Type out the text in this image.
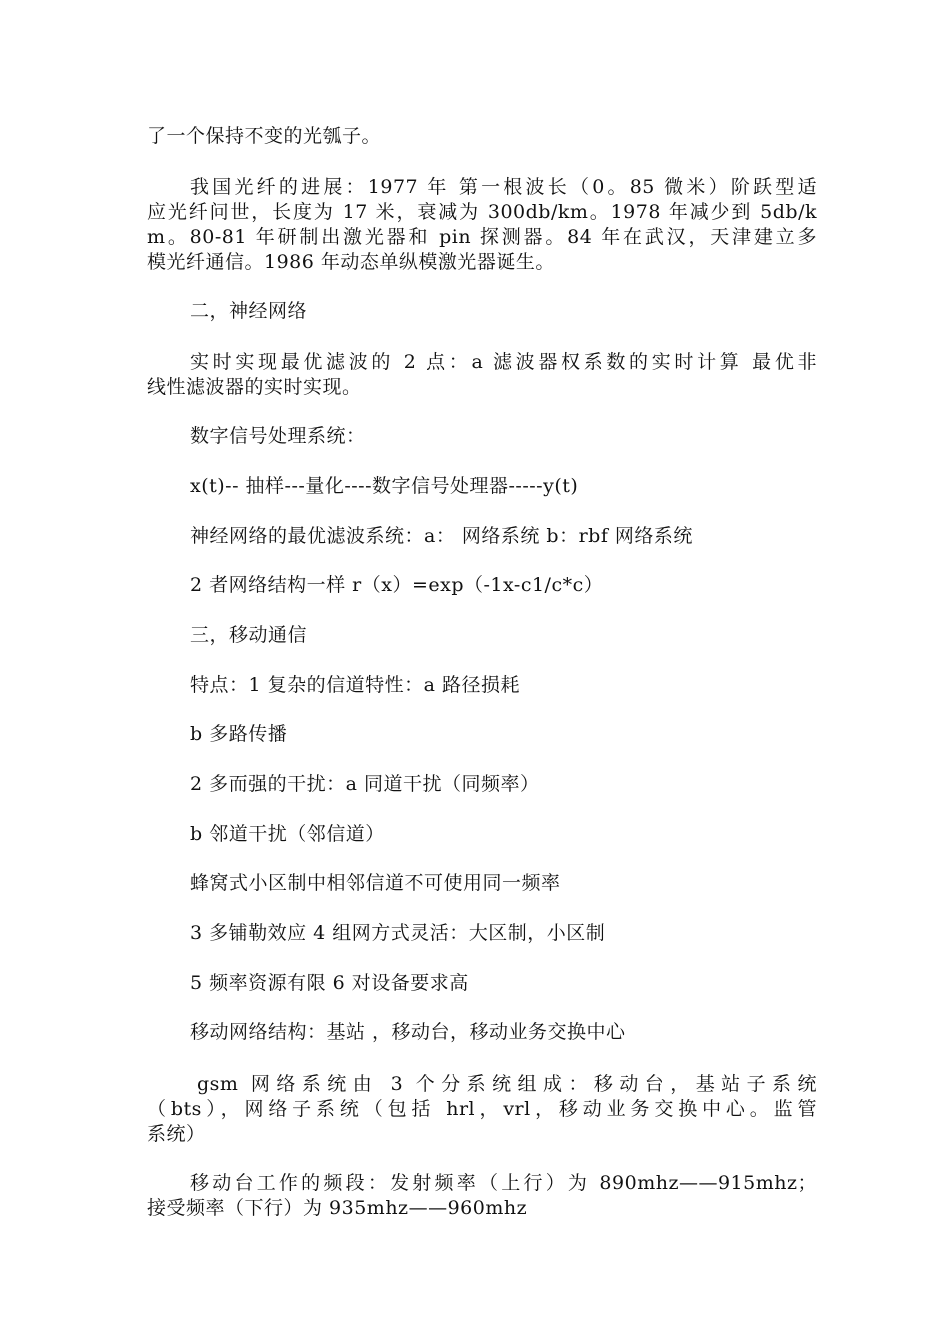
了一个保持不变的光瓠子。
我国光纤的进展：1977 年 第一根波长（0。85 微米）阶跃型适
应光纤问世，长度为 17 米，衰减为 300db/km。1978 年减少到 5db/k
m。80-81 年研制出激光器和 pin 探测器。84 年在武汉，天津建立多
模光纤通信。1986 年动态单纵模激光器诞生。
二，神经网络
实时实现最优滤波的 2 点：a 滤波器权系数的实时计算 最优非
线性滤波器的实时实现。
数字信号处理系统：
x(t)-- 抽样---量化----数字信号处理器-----y(t)
神经网络的最优滤波系统：a： 网络系统 b：rbf 网络系统
2 者网络结构一样 r（x）=exp（-1x-c1/c*c）
三，移动通信
特点：1 复杂的信道特性：a 路径损耗
b 多路传播
2 多而强的干扰：a 同道干扰（同频率）
b 邻道干扰（邻信道）
蜂窝式小区制中相邻信道不可使用同一频率
3 多铺勒效应 4 组网方式灵活：大区制，小区制
5 频率资源有限 6 对设备要求高
移动网络结构：基站 ，移动台，移动业务交换中心
gsm 网络系统由 3 个分系统组成：移动台，基站子系统
（bts），网络子系统（包括 hrl，vrl，移动业务交换中心。监管
系统）
移动台工作的频段：发射频率（上行）为 890mhz——915mhz；
接受频率（下行）为 935mhz——960mhz
